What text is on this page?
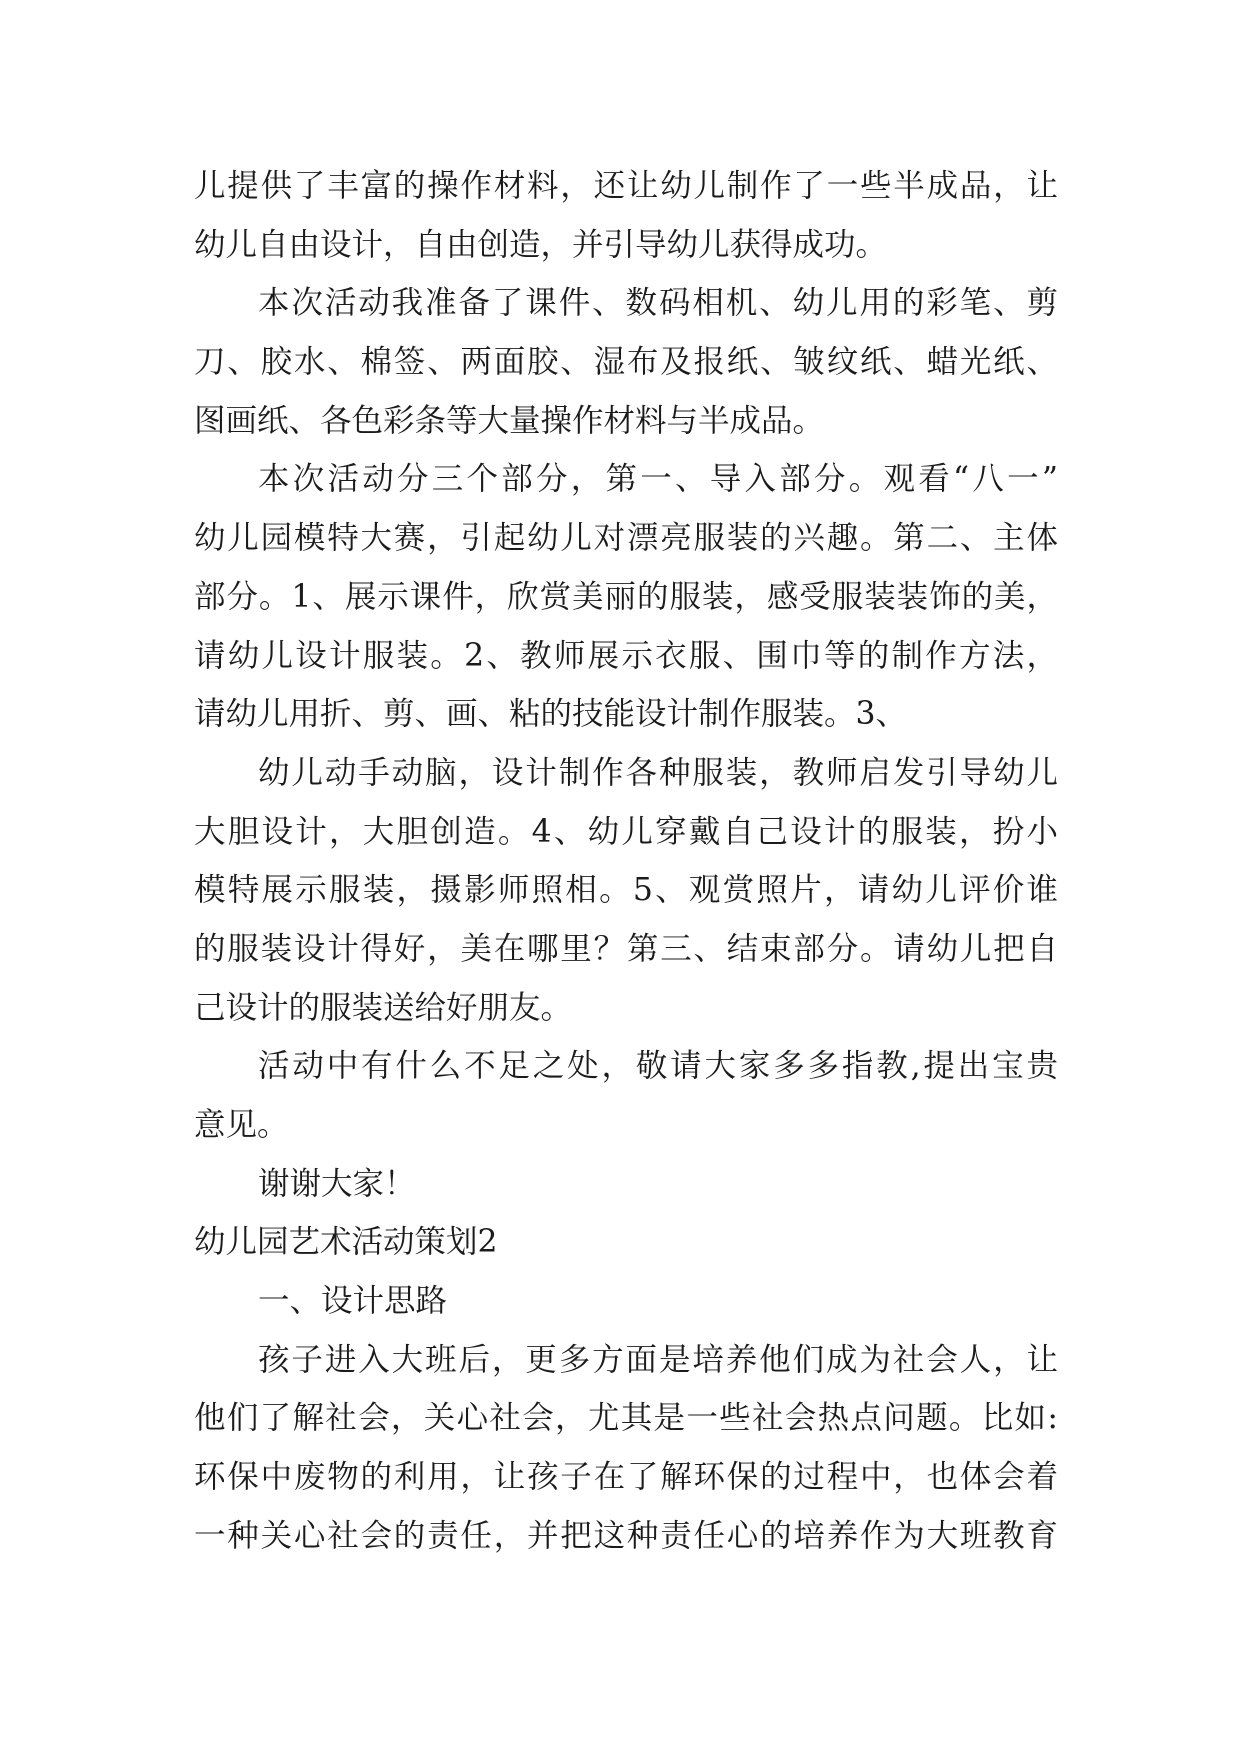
儿提供了丰富的操作材料，还让幼儿制作了一些半成品，让
幼儿自由设计，自由创造，并引导幼儿获得成功。
本次活动我准备了课件、数码相机、幼儿用的彩笔、剪
刀、胶水、棉签、两面胶、湿布及报纸、皱纹纸、蜡光纸、
图画纸、各色彩条等大量操作材料与半成品。
本次活动分三个部分，第一、导入部分。观看“八一”
幼儿园模特大赛，引起幼儿对漂亮服装的兴趣。第二、主体
部分。1、展示课件，欣赏美丽的服装，感受服装装饰的美，
请幼儿设计服装。2、教师展示衣服、围巾等的制作方法，
请幼儿用折、剪、画、粘的技能设计制作服装。3、
幼儿动手动脑，设计制作各种服装，教师启发引导幼儿
大胆设计，大胆创造。4、幼儿穿戴自己设计的服装，扮小
模特展示服装，摄影师照相。5、观赏照片，请幼儿评价谁
的服装设计得好，美在哪里？第三、结束部分。请幼儿把自
己设计的服装送给好朋友。
活动中有什么不足之处，敬请大家多多指教,提出宝贵
意见。
谢谢大家！
幼儿园艺术活动策划2
一、设计思路
孩子进入大班后，更多方面是培养他们成为社会人，让
他们了解社会，关心社会，尤其是一些社会热点问题。比如:
环保中废物的利用，让孩子在了解环保的过程中，也体会着
一种关心社会的责任，并把这种责任心的培养作为大班教育
